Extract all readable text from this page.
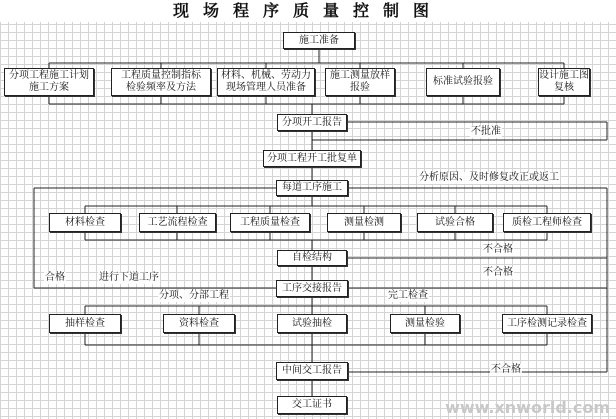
现场程序质量控制图
施工准备
分项工程施工计划
施工方案
工程质量控制指标
检验频率及方法
材料、机械、劳动力
现场管理人员准备
施工测量放样
报验
标准试验报验
设计施工图
复核
分项开工报告
分项工程开工批复单
每道工序施工
材料检查	工艺流程检查	工程质量检查	测量检测	试验合格	质检工程师检查
自检结构
工序交接报告
抽样检查	资料检查	试验抽检	测量检验	工序检测记录检查
中间交工报告
交工证书
不批准
分析原因、及时修复改正或返工
不合格
合格	进行下道工序	不合格
分项、分部工程	完工检查
不合格
www.xnworld.com
